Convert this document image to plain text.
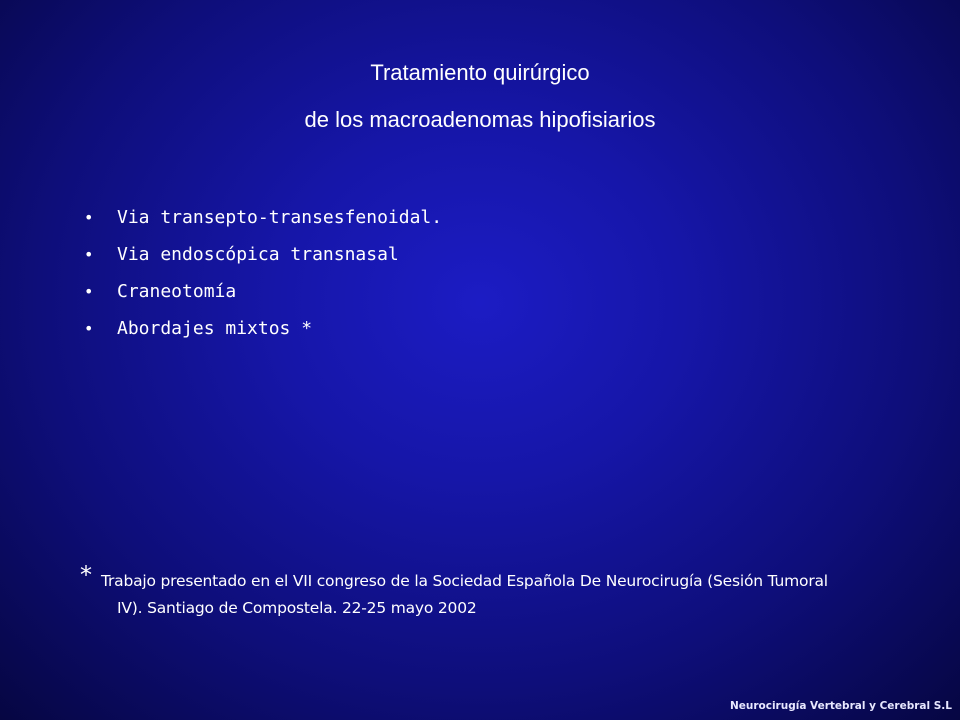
Tratamiento quirúrgico
de los macroadenomas hipofisiarios
• Via transepto-transesfenoidal.
• Via endoscópica transnasal
• Craneotomía
• Abordajes mixtos *
* Trabajo presentado en el VII congreso de la Sociedad Española De Neurocirugía (Sesión Tumoral
IV). Santiago de Compostela. 22-25 mayo 2002
Neurocirugía Vertebral y Cerebral S.L
